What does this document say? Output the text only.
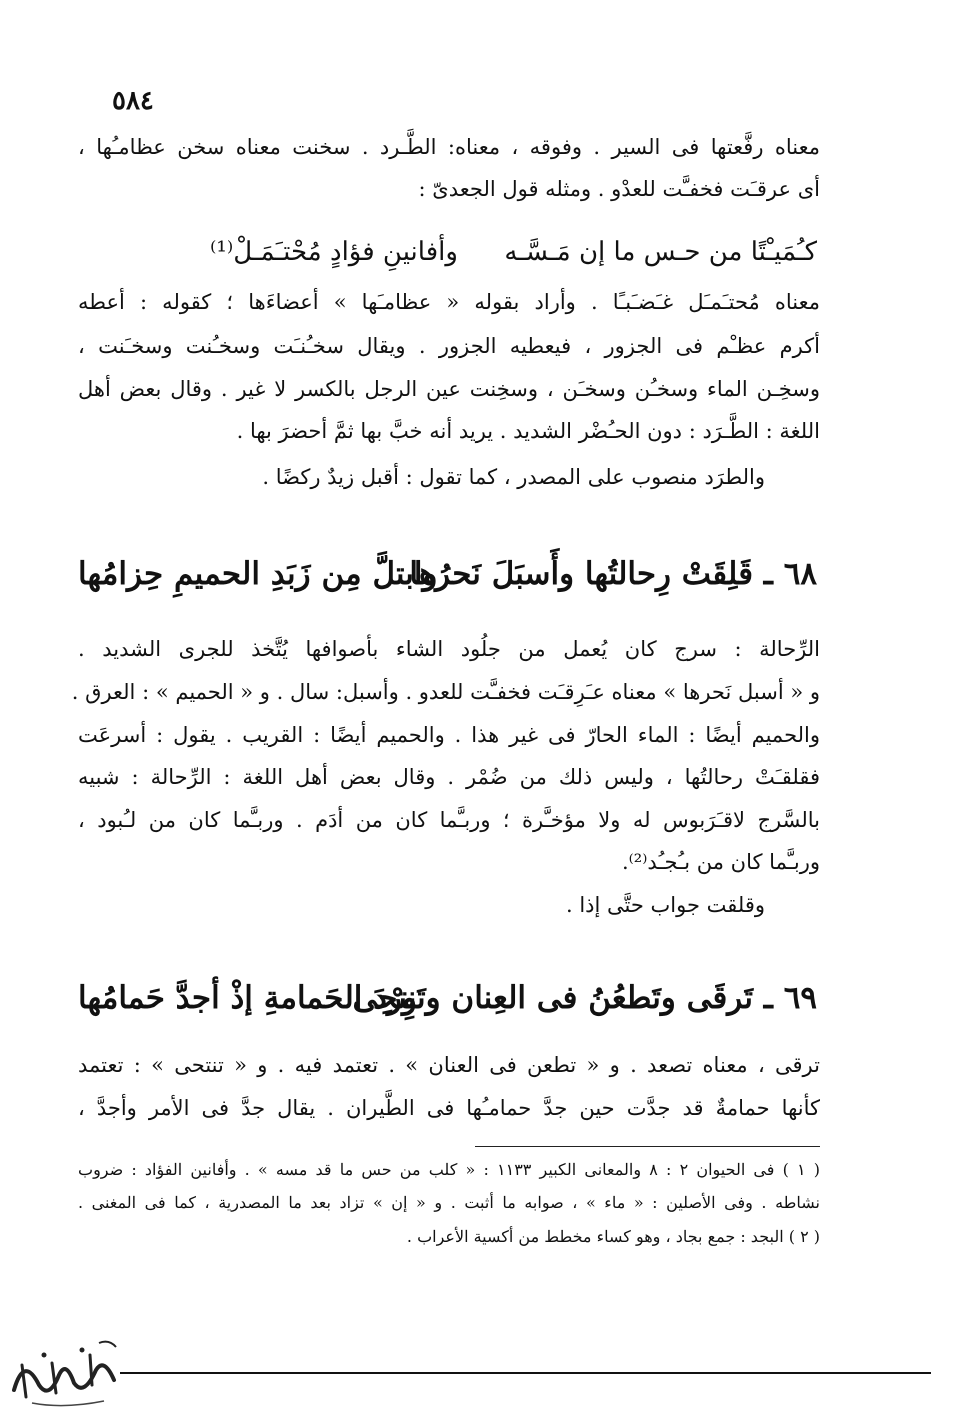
٥٨٤
معناه رفَّعتها فى السير . وفوقه ، معناه: الطَّـرد . سخنت معناه سخن عظامـُها ،
أى عرقـَت فخفـَّت للعدْو . ومثله قول الجعدىّ :
كـُمَيـْتًا من حـس ما إن مَـسَّـه
وأفانينِ فؤادٍ مُحْتـَمَـلْ⁽¹⁾
معناه مُحتـَمـَل غـَضـَبـًا . وأراد بقوله « عظامـَها » أعضاءَها ؛ كقوله : أعطه
أكرم عظـْم فى الجزور ، فيعطيه الجزور . ويقال سخـُنـَت وسخـُنت وسخـَنت ،
وسخِـن الماء وسخـُن وسخـَن ، وسخِنت عين الرجل بالكسر لا غير . وقال بعض أهل
اللغة : الطَّـرَد : دون الحـُضْر الشديد . يريد أنه خبَّ بها ثمَّ أحضرَ بها .
والطرَد منصوب على المصدر ، كما تقول : أقبل زيدٌ ركضًا .
٦٨ ـ قَلِقَتْ رِحالتُها وأَسبَلَ نَحرُها
وابتلَّ مِن زَبَدِ الحميمِ حِزامُها
الرِّحالة : سرج كان يُعمل من جلُود الشاء بأصوافها يُتَّخذ للجرى الشديد .
و « أسبل نَحرها » معناه عـَرِقـَت فخفـَّت للعدو . وأسبل: سال . و « الحميم » : العرق .
والحميم أيضًا : الماء الحارّ فى غير هذا . والحميم أيضًا : القريب . يقول : أسرعَت
فقلقـَتْ رحالتُها ، وليس ذلك من ضُمْر . وقال بعض أهل اللغة : الرِّحالة : شبيه
بالسَّرج لاقـَرَبوس له ولا مؤخـَّرة ؛ وربـَّما كان من أدَم . وربـَّما كان من لـُبود ،
وربـَّما كان من بـُجـُد⁽²⁾.
وقلقت جواب حتَّى إذا .
٦٩ ـ تَرقَى وتَطعُنُ فى العِنان وتَنتحِى
وِرْدَ الحَمامةِ إذْ أجدَّ حَمامُها
ترقى ، معناه تصعد . و « تطعن فى العنان » . تعتمد فيه . و « تنتحى » : تعتمد
كأنها حمامةٌ قد جدَّت حين جدَّ حمامـُها فى الطَّيران . يقال جدَّ فى الأمر وأجدَّ ،
( ١ ) فى الحيوان ٢ : ٨ والمعانى الكبير ١١٣٣ : « كلب من حس ما قد مسه » . وأفانين الفؤاد : ضروب
نشاطه . وفى الأصلين : « ماء » ، صوابه ما أثبت . و « إن » تزاد بعد ما المصدرية ، كما فى المغنى .
( ٢ ) البجد : جمع بجاد ، وهو كساء مخطط من أكسية الأعراب .
